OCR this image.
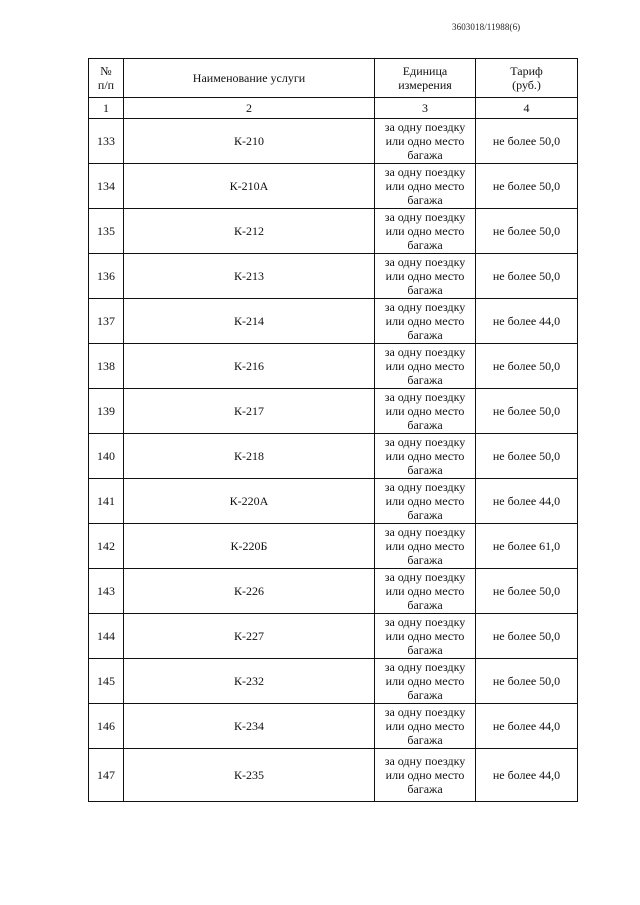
3603018/11988(6)
№
п/п	Наименование услуги	Единица
измерения	Тариф
(руб.)

1	2	3	4
133	К-210	за одну поездку
или одно место
багажа	не более 50,0
134	К-210А	за одну поездку
или одно место
багажа	не более 50,0
135	К-212	за одну поездку
или одно место
багажа	не более 50,0
136	К-213	за одну поездку
или одно место
багажа	не более 50,0
137	К-214	за одну поездку
или одно место
багажа	не более 44,0
138	К-216	за одну поездку
или одно место
багажа	не более 50,0
139	К-217	за одну поездку
или одно место
багажа	не более 50,0
140	К-218	за одну поездку
или одно место
багажа	не более 50,0
141	К-220А	за одну поездку
или одно место
багажа	не более 44,0
142	К-220Б	за одну поездку
или одно место
багажа	не более 61,0
143	К-226	за одну поездку
или одно место
багажа	не более 50,0
144	К-227	за одну поездку
или одно место
багажа	не более 50,0
145	К-232	за одну поездку
или одно место
багажа	не более 50,0
146	К-234	за одну поездку
или одно место
багажа	не более 44,0
147	К-235	за одну поездку
или одно место
багажа	не более 44,0
